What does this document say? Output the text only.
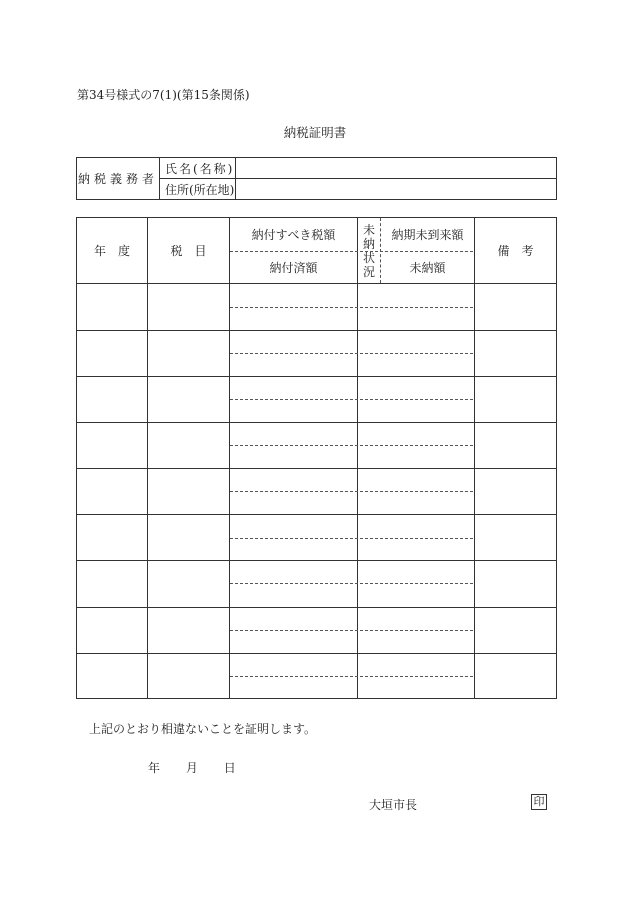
第34号様式の7(1)(第15条関係)
納税証明書
納税義務者
氏名(名称)
住所(所在地)
年　度	税　目
納付すべき税額
納付済額
未
納
状
況
納期未到来額
未納額
備　考
上記のとおり相違ないことを証明します。
年 月 日
大垣市長	印
